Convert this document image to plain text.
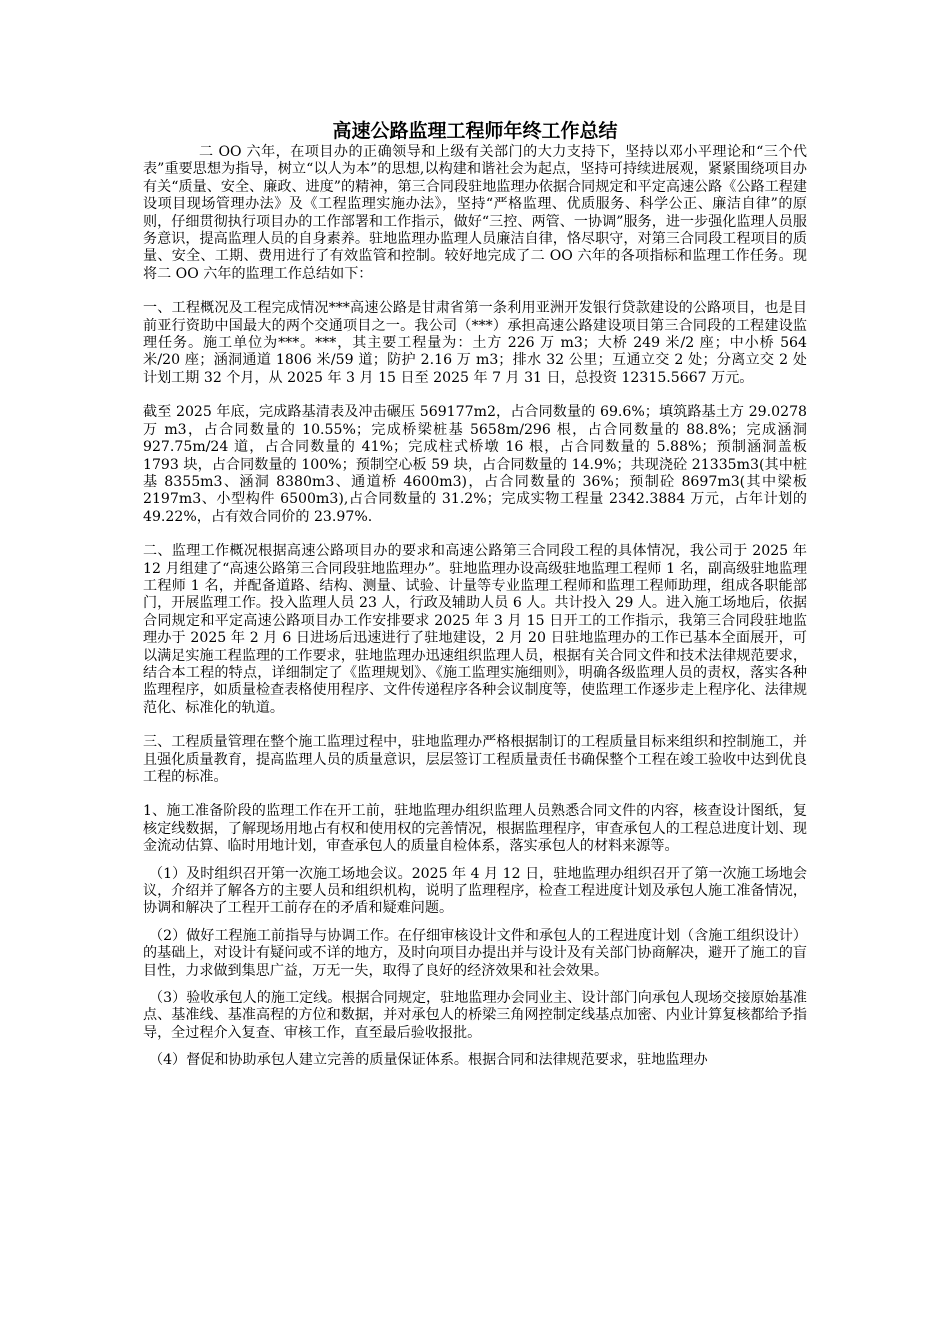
高速公路监理工程师年终工作总结

二 OO 六年，在项目办的正确领导和上级有关部门的大力支持下，坚持以邓小平理论和“三个代表”重要思想为指导，树立“以人为本”的思想,以构建和谐社会为起点，坚持可持续进展观，紧紧围绕项目办有关“质量、安全、廉政、进度”的精神，第三合同段驻地监理办依据合同规定和平定高速公路《公路工程建设项目现场管理办法》及《工程监理实施办法》，坚持“严格监理、优质服务、科学公正、廉洁自律”的原则，仔细贯彻执行项目办的工作部署和工作指示，做好“三控、两管、一协调”服务，进一步强化监理人员服务意识，提高监理人员的自身素养。驻地监理办监理人员廉洁自律，恪尽职守，对第三合同段工程项目的质量、安全、工期、费用进行了有效监管和控制。较好地完成了二 OO 六年的各项指标和监理工作任务。现将二 OO 六年的监理工作总结如下：

一、工程概况及工程完成情况***高速公路是甘肃省第一条利用亚洲开发银行贷款建设的公路项目，也是目前亚行资助中国最大的两个交通项目之一。我公司（***）承担高速公路建设项目第三合同段的工程建设监理任务。施工单位为***。***，其主要工程量为：土方 226 万 m3；大桥 249 米/2 座；中小桥 564 米/20 座；涵洞通道 1806 米/59 道；防护 2.16 万 m3；排水 32 公里；互通立交 2 处；分离立交 2 处计划工期 32 个月，从 2025 年 3 月 15 日至 2025 年 7 月 31 日，总投资 12315.5667 万元。

截至 2025 年底，完成路基清表及冲击碾压 569177m2，占合同数量的 69.6%；填筑路基土方 29.0278 万 m3，占合同数量的 10.55%；完成桥梁桩基 5658m/296 根，占合同数量的 88.8%；完成涵洞 927.75m/24 道，占合同数量的 41%；完成柱式桥墩 16 根，占合同数量的 5.88%；预制涵洞盖板 1793 块，占合同数量的 100%；预制空心板 59 块，占合同数量的 14.9%；共现浇砼 21335m3(其中桩基 8355m3、涵洞 8380m3、通道桥 4600m3)，占合同数量的 36%；预制砼 8697m3(其中梁板 2197m3、小型构件 6500m3),占合同数量的 31.2%；完成实物工程量 2342.3884 万元，占年计划的 49.22%，占有效合同价的 23.97%.

二、监理工作概况根据高速公路项目办的要求和高速公路第三合同段工程的具体情况，我公司于 2025 年 12 月组建了“高速公路第三合同段驻地监理办”。驻地监理办设高级驻地监理工程师 1 名，副高级驻地监理工程师 1 名，并配备道路、结构、测量、试验、计量等专业监理工程师和监理工程师助理，组成各职能部门，开展监理工作。投入监理人员 23 人，行政及辅助人员 6 人。共计投入 29 人。进入施工场地后，依据合同规定和平定高速公路项目办工作安排要求 2025 年 3 月 15 日开工的工作指示，我第三合同段驻地监理办于 2025 年 2 月 6 日进场后迅速进行了驻地建设，2 月 20 日驻地监理办的工作已基本全面展开，可以满足实施工程监理的工作要求，驻地监理办迅速组织监理人员，根据有关合同文件和技术法律规范要求，结合本工程的特点，详细制定了《监理规划》、《施工监理实施细则》，明确各级监理人员的责权，落实各种监理程序，如质量检查表格使用程序、文件传递程序各种会议制度等，使监理工作逐步走上程序化、法律规范化、标准化的轨道。

三、工程质量管理在整个施工监理过程中，驻地监理办严格根据制订的工程质量目标来组织和控制施工，并且强化质量教育，提高监理人员的质量意识，层层签订工程质量责任书确保整个工程在竣工验收中达到优良工程的标准。

1、施工准备阶段的监理工作在开工前，驻地监理办组织监理人员熟悉合同文件的内容，核查设计图纸，复核定线数据，了解现场用地占有权和使用权的完善情况，根据监理程序，审查承包人的工程总进度计划、现金流动估算、临时用地计划，审查承包人的质量自检体系，落实承包人的材料来源等。

（1）及时组织召开第一次施工场地会议。2025 年 4 月 12 日，驻地监理办组织召开了第一次施工场地会议，介绍并了解各方的主要人员和组织机构，说明了监理程序，检查工程进度计划及承包人施工准备情况，协调和解决了工程开工前存在的矛盾和疑难问题。

（2）做好工程施工前指导与协调工作。在仔细审核设计文件和承包人的工程进度计划（含施工组织设计）的基础上，对设计有疑问或不详的地方，及时向项目办提出并与设计及有关部门协商解决，避开了施工的盲目性，力求做到集思广益，万无一失，取得了良好的经济效果和社会效果。

（3）验收承包人的施工定线。根据合同规定，驻地监理办会同业主、设计部门向承包人现场交接原始基准点、基准线、基准高程的方位和数据，并对承包人的桥梁三角网控制定线基点加密、内业计算复核都给予指导，全过程介入复查、审核工作，直至最后验收报批。

（4）督促和协助承包人建立完善的质量保证体系。根据合同和法律规范要求，驻地监理办
